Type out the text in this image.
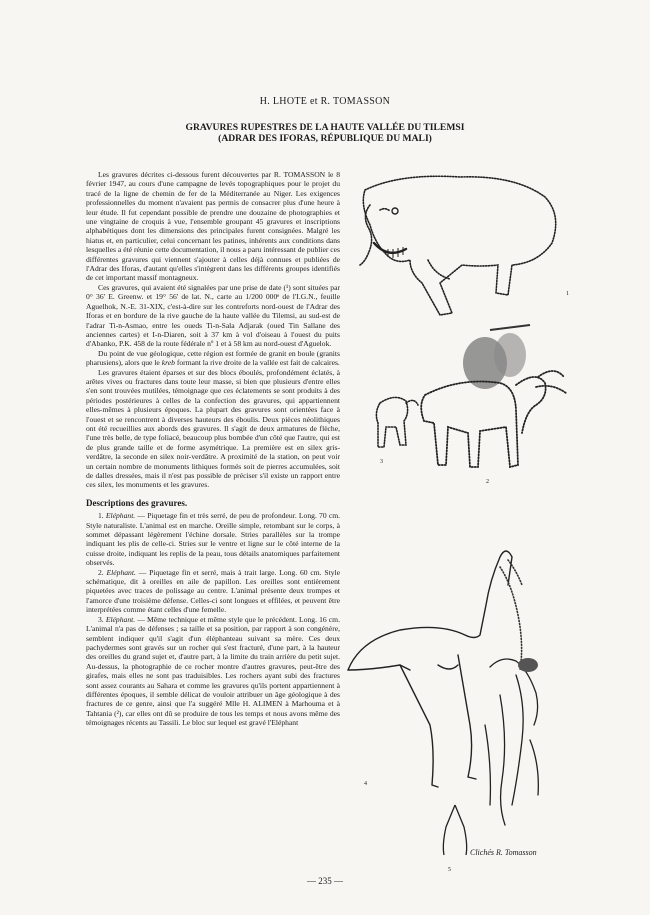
H. LHOTE et R. TOMASSON
GRAVURES RUPESTRES DE LA HAUTE VALLÉE DU TILEMSI
(ADRAR DES IFORAS, RÉPUBLIQUE DU MALI)

Les gravures décrites ci-dessous furent découvertes par R. TOMASSON le 8 février 1947, au cours d'une campagne de levés topographiques pour le projet du tracé de la ligne de chemin de fer de la Méditerranée au Niger. Les exigences professionnelles du moment n'avaient pas permis de consacrer plus d'une heure à leur étude. Il fut cependant possible de prendre une douzaine de photographies et une vingtaine de croquis à vue, l'ensemble groupant 45 gravures et inscriptions alphabétiques dont les dimensions des principales furent consignées. Malgré les hiatus et, en particulier, celui concernant les patines, inhérents aux conditions dans lesquelles a été réunie cette documentation, il nous a paru intéressant de publier ces différentes gravures qui viennent s'ajouter à celles déjà connues et publiées de l'Adrar des Iforas, d'autant qu'elles s'intègrent dans les différents groupes identifiés de cet important massif montagneux.

Ces gravures, qui avaient été signalées par une prise de date (¹) sont situées par 0° 36' E. Greenw. et 19° 56' de lat. N., carte au 1/200 000ᵉ de l'I.G.N., feuille Aguelhok, N.-E. 31-XIX, c'est-à-dire sur les contreforts nord-ouest de l'Adrar des Iforas et en bordure de la rive gauche de la haute vallée du Tilemsi, au sud-est de l'adrar Ti-n-Asmao, entre les oueds Ti-n-Sala Adjarak (oued Tin Sallane des anciennes cartes) et I-n-Diaren, soit à 37 km à vol d'oiseau à l'ouest du puits d'Abanko, P.K. 458 de la route fédérale nº 1 et à 58 km au nord-ouest d'Aguelok.

Du point de vue géologique, cette région est formée de granit en boule (granits pharusiens), alors que le kreb formant la rive droite de la vallée est fait de calcaires.

Les gravures étaient éparses et sur des blocs éboulés, profondément éclatés, à arêtes vives ou fractures dans toute leur masse, si bien que plusieurs d'entre elles s'en sont trouvées mutilées, témoignage que ces éclatements se sont produits à des périodes postérieures à celles de la confection des gravures, qui appartiennent elles-mêmes à plusieurs époques. La plupart des gravures sont orientées face à l'ouest et se rencontrent à diverses hauteurs des éboulis. Deux pièces néolithiques ont été recueillies aux abords des gravures. Il s'agit de deux armatures de flèche, l'une très belle, de type foliacé, beaucoup plus bombée d'un côté que l'autre, qui est de plus grande taille et de forme asymétrique. La première est en silex gris-verdâtre, la seconde en silex noir-verdâtre. A proximité de la station, on peut voir un certain nombre de monuments lithiques formés soit de pierres accumulées, soit de dalles dressées, mais il n'est pas possible de préciser s'il existe un rapport entre ces silex, les monuments et les gravures.

Descriptions des gravures.

1. Eléphant. — Piquetage fin et très serré, de peu de profondeur. Long. 70 cm. Style naturaliste. L'animal est en marche. Oreille simple, retombant sur le corps, à sommet dépassant légèrement l'échine dorsale. Stries parallèles sur la trompe indiquant les plis de celle-ci. Stries sur le ventre et ligne sur le côté interne de la cuisse droite, indiquant les replis de la peau, tous détails anatomiques parfaitement observés.

2. Eléphant. — Piquetage fin et serré, mais à trait large. Long. 60 cm. Style schématique, dit à oreilles en aile de papillon. Les oreilles sont entièrement piquetées avec traces de polissage au centre. L'animal présente deux trompes et l'amorce d'une troisième défense. Celles-ci sont longues et effilées, et peuvent être interprétées comme étant celles d'une femelle.

3. Eléphant. — Même technique et même style que le précédent. Long. 16 cm. L'animal n'a pas de défenses ; sa taille et sa position, par rapport à son congénère, semblent indiquer qu'il s'agit d'un éléphanteau suivant sa mère. Ces deux pachydermes sont gravés sur un rocher qui s'est fracturé, d'une part, à la hauteur des oreilles du grand sujet et, d'autre part, à la limite du train arrière du petit sujet. Au-dessus, la photographie de ce rocher montre d'autres gravures, peut-être des girafes, mais elles ne sont pas traduisibles. Les rochers ayant subi des fractures sont assez courants au Sahara et comme les gravures qu'ils portent appartiennent à différentes époques, il semble délicat de vouloir attribuer un âge géologique à des fractures de ce genre, ainsi que l'a suggéré Mlle H. ALIMEN à Marhouma et à Tahtania (²), car elles ont dû se produire de tous les temps et nous avons même des témoignages récents au Tassili. Le bloc sur lequel est gravé l'Eléphant

1
2
3
4
5
Clichés R. Tomasson
— 235 —
